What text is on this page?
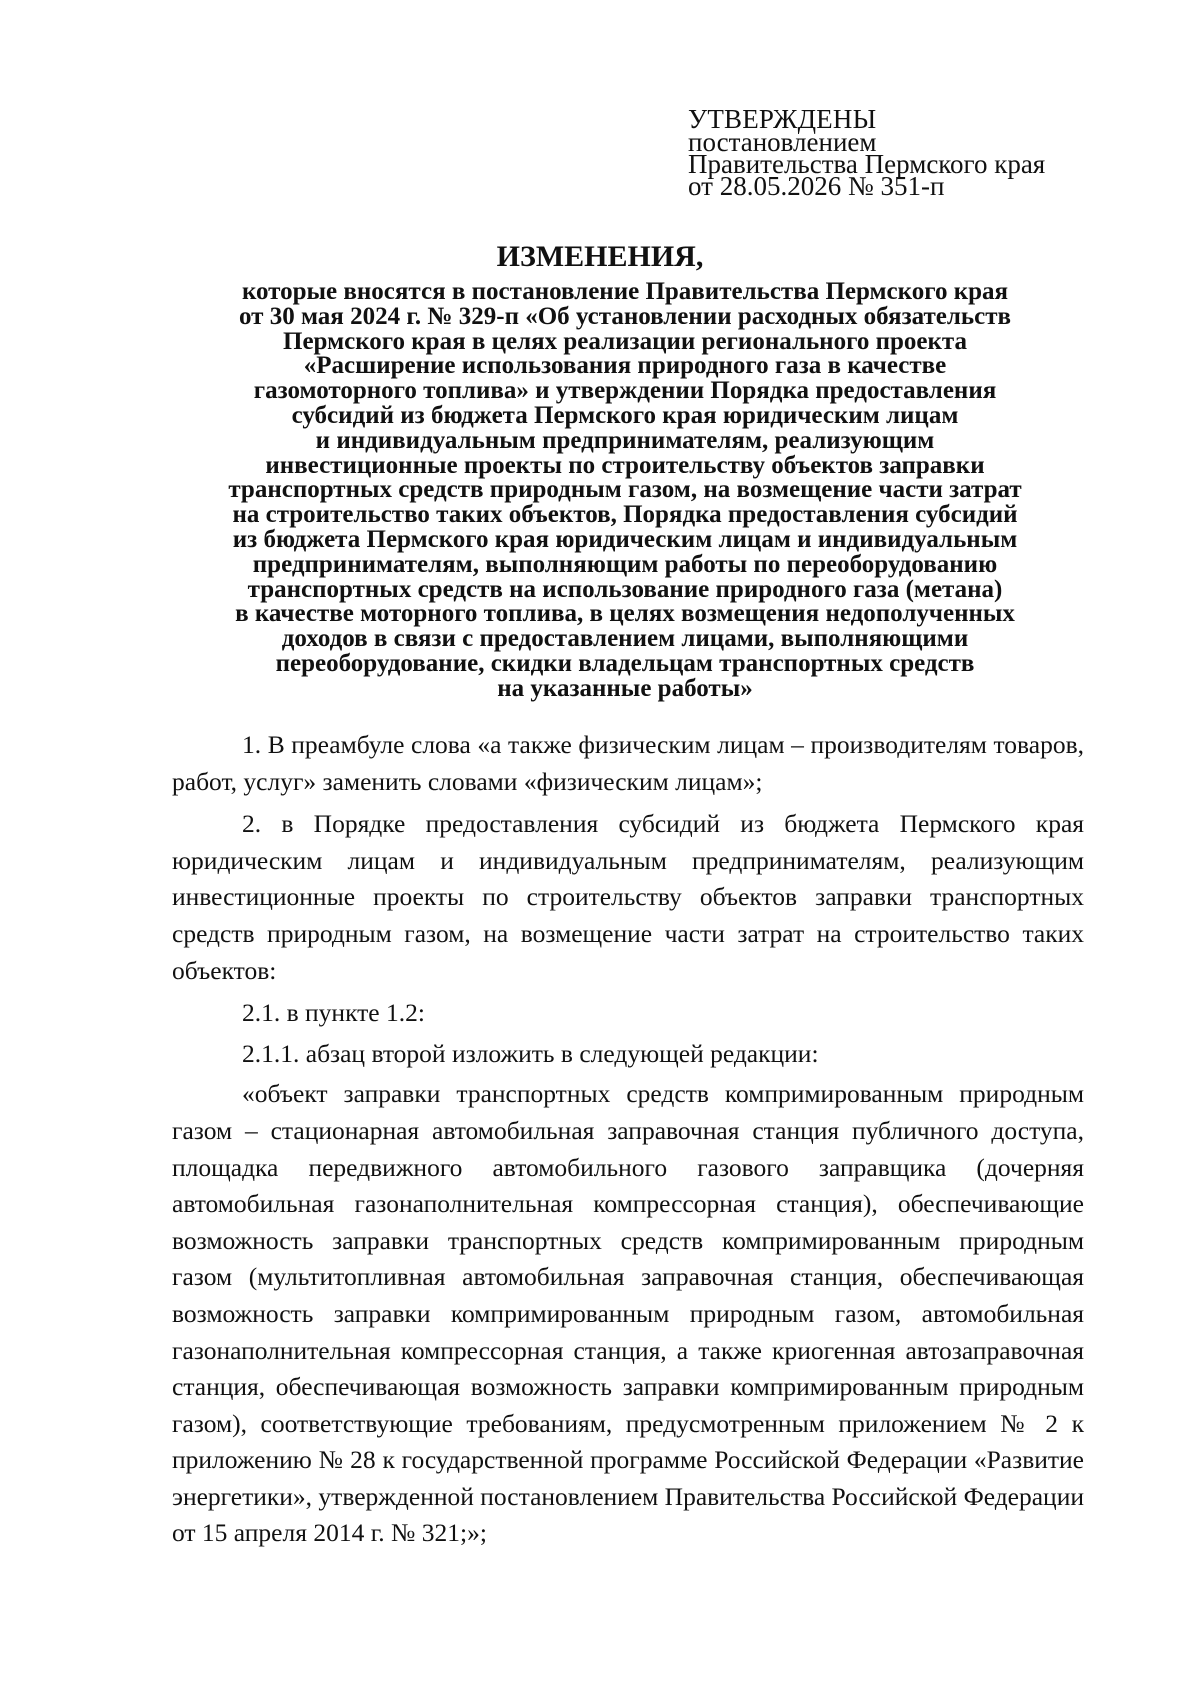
УТВЕРЖДЕНЫ
постановлением
Правительства Пермского края
от 28.05.2026 № 351-п
ИЗМЕНЕНИЯ,
которые вносятся в постановление Правительства Пермского края
от 30 мая 2024 г. № 329-п «Об установлении расходных обязательств
Пермского края в целях реализации регионального проекта
«Расширение использования природного газа в качестве
газомоторного топлива» и утверждении Порядка предоставления
субсидий из бюджета Пермского края юридическим лицам
и индивидуальным предпринимателям, реализующим
инвестиционные проекты по строительству объектов заправки
транспортных средств природным газом, на возмещение части затрат
на строительство таких объектов, Порядка предоставления субсидий
из бюджета Пермского края юридическим лицам и индивидуальным
предпринимателям, выполняющим работы по переоборудованию
транспортных средств на использование природного газа (метана)
в качестве моторного топлива, в целях возмещения недополученных
доходов в связи с предоставлением лицами, выполняющими
переоборудование, скидки владельцам транспортных средств
на указанные работы»

1. В преамбуле слова «а также физическим лицам – производителям товаров, работ, услуг» заменить словами «физическим лицам»;

2. в Порядке предоставления субсидий из бюджета Пермского края юридическим лицам и индивидуальным предпринимателям, реализующим инвестиционные проекты по строительству объектов заправки транспортных средств природным газом, на возмещение части затрат на строительство таких объектов:

2.1. в пункте 1.2:

2.1.1. абзац второй изложить в следующей редакции:

«объект заправки транспортных средств компримированным природным газом – стационарная автомобильная заправочная станция публичного доступа, площадка передвижного автомобильного газового заправщика (дочерняя автомобильная газонаполнительная компрессорная станция), обеспечивающие возможность заправки транспортных средств компримированным природным газом (мультитопливная автомобильная заправочная станция, обеспечивающая возможность заправки компримированным природным газом, автомобильная газонаполнительная компрессорная станция, а также криогенная автозаправочная станция, обеспечивающая возможность заправки компримированным природным газом), соответствующие требованиям, предусмотренным приложением № 2 к приложению № 28 к государственной программе Российской Федерации «Развитие энергетики», утвержденной постановлением Правительства Российской Федерации от 15 апреля 2014 г. № 321;»;
